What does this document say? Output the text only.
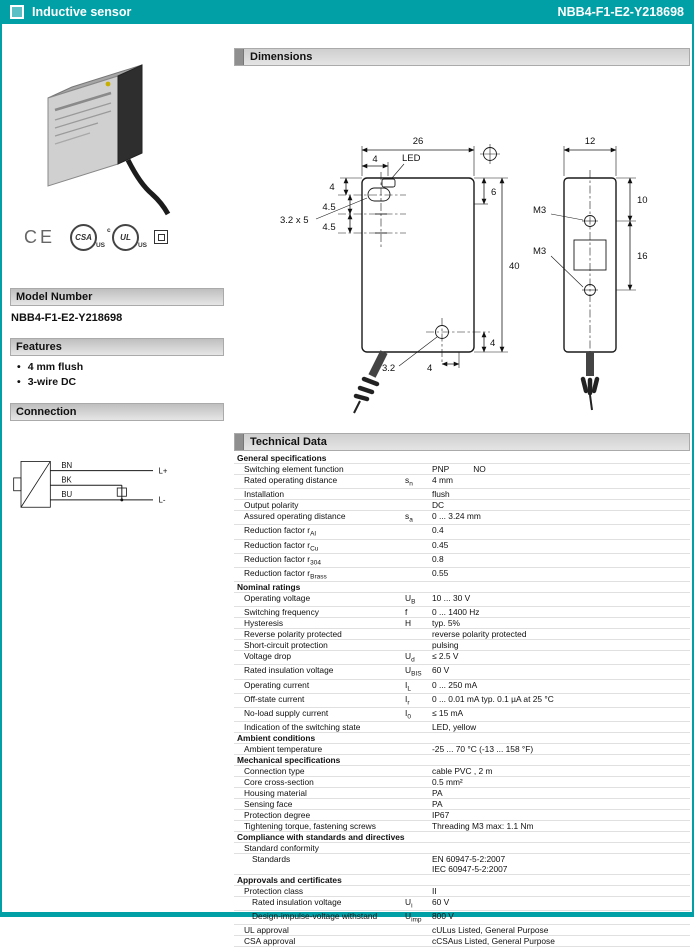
Inductive sensor	NBB4-F1-E2-Y218698
CE	CSA
US
c
UL
US
Model Number
NBB4-F1-E2-Y218698
Features
• 4 mm flush
• 3-wire DC
Connection
BN
BK
BU
L+
L-
Dimensions
26
4	LED
4
3.2 x 5
4.5
4.5
6
40
4
3.2	4
12
M3
M3
10
16
Technical Data
General specifications
Switching element function	PNP	NO
Rated operating distance	$s_n$	4 mm
Installation	flush
Output polarity	DC
Assured operating distance	$s_a$	0 ... 3.24 mm
Reduction factor $r_{Al}$	0.4
Reduction factor $r_{Cu}$	0.45
Reduction factor $r_{304}$	0.8
Reduction factor $r_{Brass}$	0.55
Nominal ratings
Operating voltage	$U_B$	10 ... 30 V
Switching frequency	f	0 ... 1400 Hz
Hysteresis	H	typ. 5%
Reverse polarity protected	reverse polarity protected
Short-circuit protection	pulsing
Voltage drop	$U_d$	≤ 2.5 V
Rated insulation voltage	$U_{BIS}$	60 V
Operating current	$I_L$	0 ... 250 mA
Off-state current	$I_r$	0 ... 0.01 mA typ. 0.1 µA at 25 °C
No-load supply current	$I_0$	≤ 15 mA
Indication of the switching state	LED, yellow
Ambient conditions
Ambient temperature	-25 ... 70 °C (-13 ... 158 °F)
Mechanical specifications
Connection type	cable PVC , 2 m
Core cross-section	0.5 mm²
Housing material	PA
Sensing face	PA
Protection degree	IP67
Tightening torque, fastening screws	Threading M3 max: 1.1 Nm
Compliance with standards and directives
Standard conformity
Standards	EN 60947-5-2:2007
IEC 60947-5-2:2007
Approvals and certificates
Protection class	II
Rated insulation voltage	$U_i$	60 V
Design-impulse-voltage withstand	$U_{imp}$	800 V
UL approval	cULus Listed, General Purpose
CSA approval	cCSAus Listed, General Purpose
